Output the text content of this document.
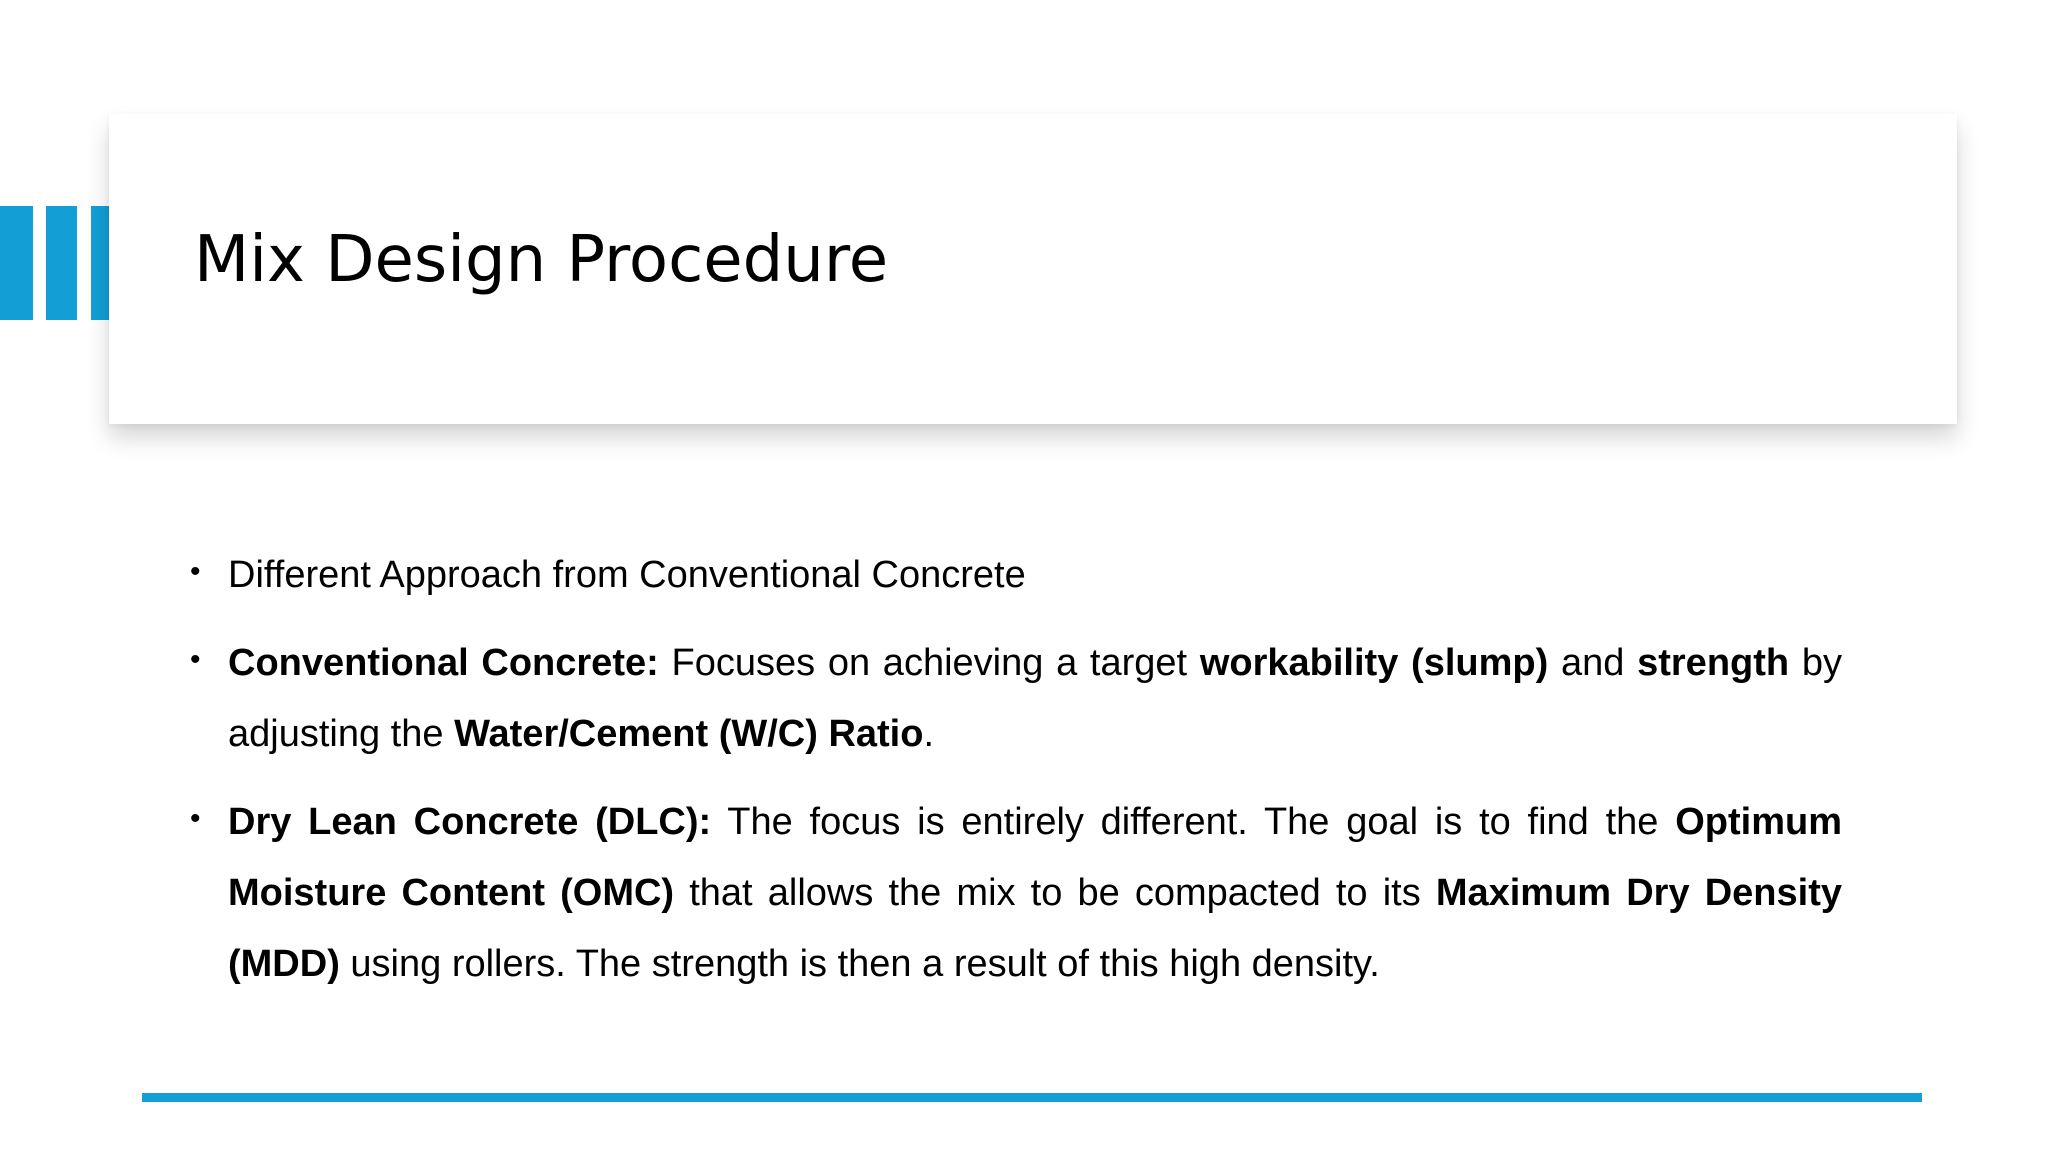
Mix Design Procedure
• Different Approach from Conventional Concrete
• Conventional Concrete: Focuses on achieving a target workability (slump) and strength by adjusting the Water/Cement (W/C) Ratio.
• Dry Lean Concrete (DLC): The focus is entirely different. The goal is to find the Optimum Moisture Content (OMC) that allows the mix to be compacted to its Maximum Dry Density (MDD) using rollers. The strength is then a result of this high density.
